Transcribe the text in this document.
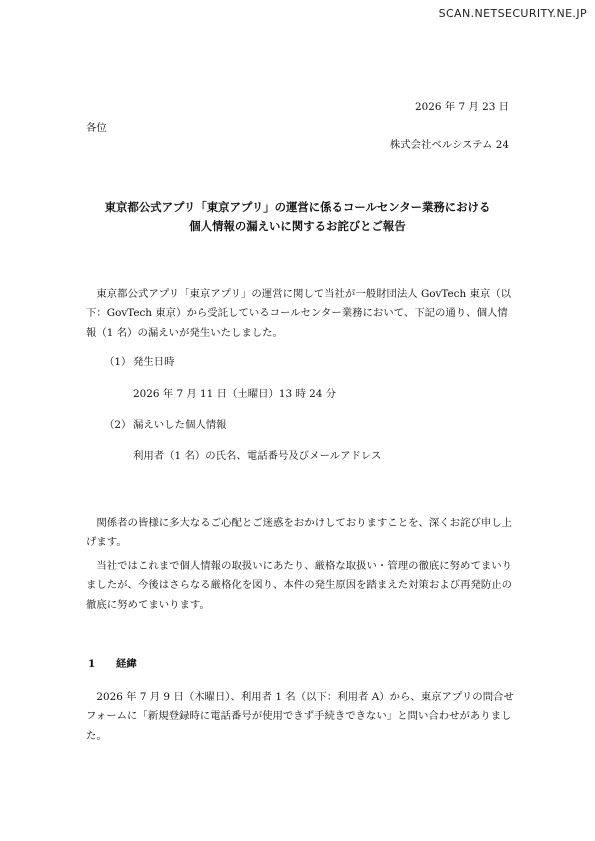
SCAN.NETSECURITY.NE.JP
2026 年 7 月 23 日
各位
株式会社ベルシステム 24
東京都公式アプリ「東京アプリ」の運営に係るコールセンター業務における
個人情報の漏えいに関するお詫びとご報告

東京都公式アプリ「東京アプリ」の運営に関して当社が一般財団法人 GovTech 東京（以下：GovTech 東京）から受託しているコールセンター業務において、下記の通り、個人情報（1 名）の漏えいが発生いたしました。

（1） 発生日時
2026 年 7 月 11 日（土曜日）13 時 24 分
（2） 漏えいした個人情報
利用者（1 名）の氏名、電話番号及びメールアドレス

関係者の皆様に多大なるご心配とご迷惑をおかけしておりますことを、深くお詫び申し上げます。

当社ではこれまで個人情報の取扱いにあたり、厳格な取扱い・管理の徹底に努めてまいりましたが、今後はさらなる厳格化を図り、本件の発生原因を踏まえた対策および再発防止の徹底に努めてまいります。

1 経緯

2026 年 7 月 9 日（木曜日）、利用者 1 名（以下：利用者 A）から、東京アプリの問合せフォームに「新規登録時に電話番号が使用できず手続きできない」と問い合わせがありました。
